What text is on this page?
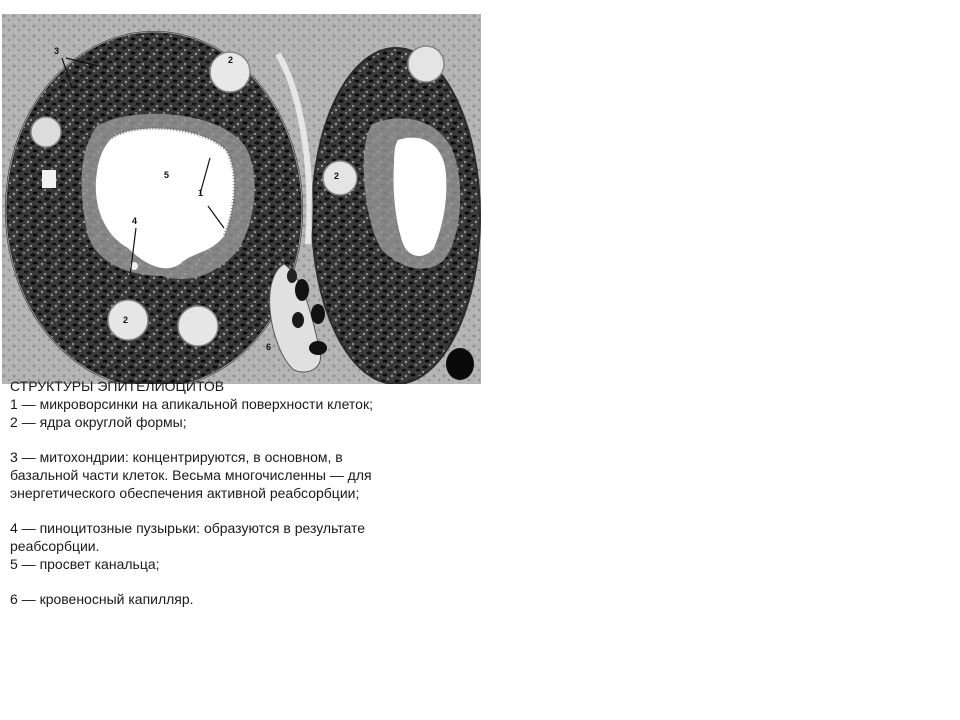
3
2
5
1
4
2
2
6
СТРУКТУРЫ ЭПИТЕЛИОЦИТОВ
1 — микроворсинки на апикальной поверхности клеток;
2 — ядра округлой формы;
3 — митохондрии: концентрируются, в основном, в
базальной части клеток. Весьма многочисленны — для
энергетического обеспечения активной реабсорбции;
4 — пиноцитозные пузырьки: образуются в результате
реабсорбции.
5 — просвет канальца;
6 — кровеносный капилляр.
